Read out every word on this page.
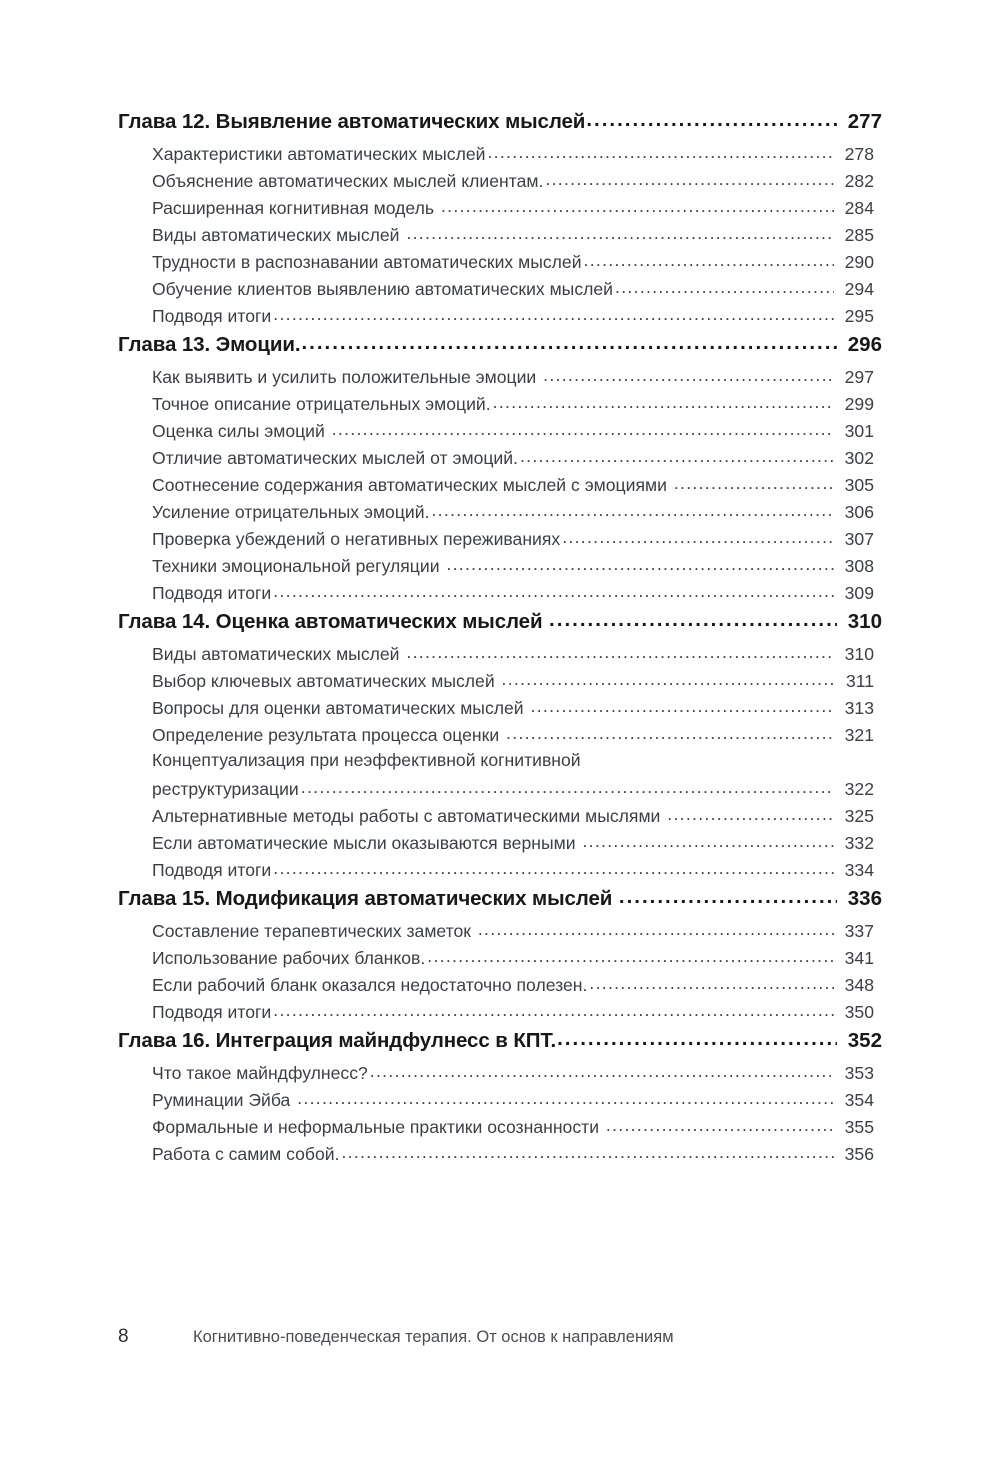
Глава 12. Выявление автоматических мыслей .....	277
Характеристики автоматических мыслей .....	278
Объяснение автоматических мыслей клиентам. .....	282
Расширенная когнитивная модель .....	284
Виды автоматических мыслей .....	285
Трудности в распознавании автоматических мыслей .....	290
Обучение клиентов выявлению автоматических мыслей .....	294
Подводя итоги .....	295
Глава 13. Эмоции. .....	296
Как выявить и усилить положительные эмоции .....	297
Точное описание отрицательных эмоций. .....	299
Оценка силы эмоций .....	301
Отличие автоматических мыслей от эмоций. .....	302
Соотнесение содержания автоматических мыслей с эмоциями .....	305
Усиление отрицательных эмоций. .....	306
Проверка убеждений о негативных переживаниях .....	307
Техники эмоциональной регуляции .....	308
Подводя итоги .....	309
Глава 14. Оценка автоматических мыслей .....	310
Виды автоматических мыслей .....	310
Выбор ключевых автоматических мыслей .....	311
Вопросы для оценки автоматических мыслей .....	313
Определение результата процесса оценки .....	321
Концептуализация при неэффективной когнитивной
реструктуризации .....	322
Альтернативные методы работы с автоматическими мыслями .....	325
Если автоматические мысли оказываются верными .....	332
Подводя итоги .....	334
Глава 15. Модификация автоматических мыслей .....	336
Составление терапевтических заметок .....	337
Использование рабочих бланков. .....	341
Если рабочий бланк оказался недостаточно полезен. .....	348
Подводя итоги .....	350
Глава 16. Интеграция майндфулнесс в КПТ. .....	352
Что такое майндфулнесс? .....	353
Руминации Эйба .....	354
Формальные и неформальные практики осознанности .....	355
Работа с самим собой. .....	356
8	Когнитивно-поведенческая терапия. От основ к направлениям
